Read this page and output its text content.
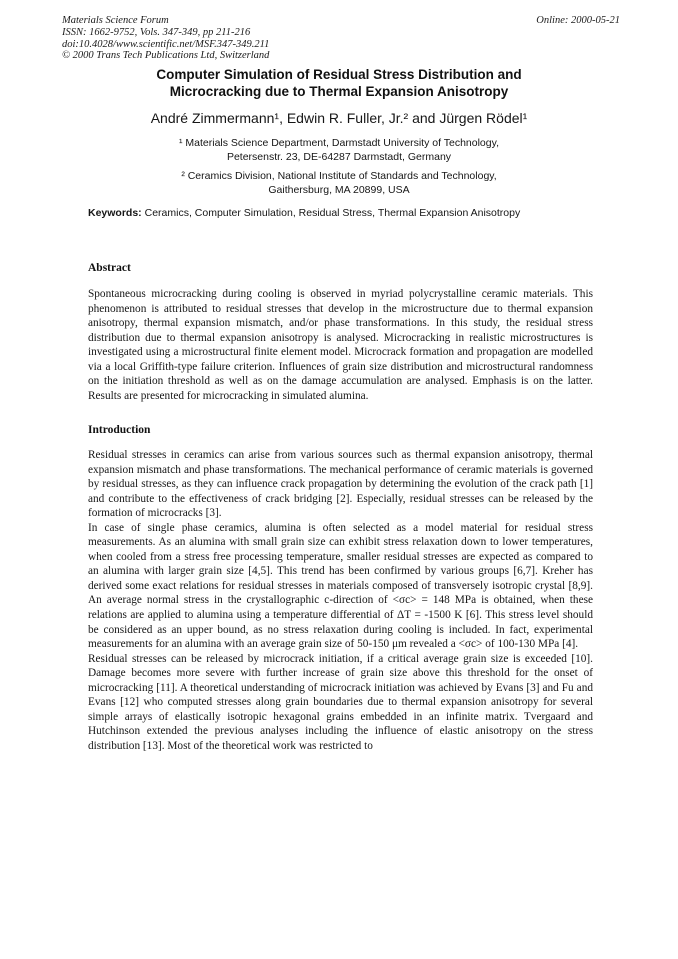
Materials Science Forum
ISSN: 1662-9752, Vols. 347-349, pp 211-216
doi:10.4028/www.scientific.net/MSF.347-349.211
© 2000 Trans Tech Publications Ltd, Switzerland
Online: 2000-05-21
Computer Simulation of Residual Stress Distribution and
Microcracking due to Thermal Expansion Anisotropy
André Zimmermann¹, Edwin R. Fuller, Jr.² and Jürgen Rödel¹
¹ Materials Science Department, Darmstadt University of Technology,
Petersenstr. 23, DE-64287 Darmstadt, Germany
² Ceramics Division, National Institute of Standards and Technology,
Gaithersburg, MA 20899, USA
Keywords: Ceramics, Computer Simulation, Residual Stress, Thermal Expansion Anisotropy
Abstract

Spontaneous microcracking during cooling is observed in myriad polycrystalline ceramic materials. This phenomenon is attributed to residual stresses that develop in the microstructure due to thermal expansion anisotropy, thermal expansion mismatch, and/or phase transformations. In this study, the residual stress distribution due to thermal expansion anisotropy is analysed. Microcracking in realistic microstructures is investigated using a microstructural finite element model. Microcrack formation and propagation are modelled via a local Griffith-type failure criterion. Influences of grain size distribution and microstructural randomness on the initiation threshold as well as on the damage accumulation are analysed. Emphasis is on the latter. Results are presented for microcracking in simulated alumina.

Introduction

Residual stresses in ceramics can arise from various sources such as thermal expansion anisotropy, thermal expansion mismatch and phase transformations. The mechanical performance of ceramic materials is governed by residual stresses, as they can influence crack propagation by determining the evolution of the crack path [1] and contribute to the effectiveness of crack bridging [2]. Especially, residual stresses can be released by the formation of microcracks [3].

In case of single phase ceramics, alumina is often selected as a model material for residual stress measurements. As an alumina with small grain size can exhibit stress relaxation down to lower temperatures, when cooled from a stress free processing temperature, smaller residual stresses are expected as compared to an alumina with larger grain size [4,5]. This trend has been confirmed by various groups [6,7]. Kreher has derived some exact relations for residual stresses in materials composed of transversely isotropic crystal [8,9]. An average normal stress in the crystallographic c-direction of <σc> = 148 MPa is obtained, when these relations are applied to alumina using a temperature differential of ΔT = -1500 K [6]. This stress level should be considered as an upper bound, as no stress relaxation during cooling is included. In fact, experimental measurements for an alumina with an average grain size of 50-150 μm revealed a <σc> of 100-130 MPa [4].

Residual stresses can be released by microcrack initiation, if a critical average grain size is exceeded [10]. Damage becomes more severe with further increase of grain size above this threshold for the onset of microcracking [11]. A theoretical understanding of microcrack initiation was achieved by Evans [3] and Fu and Evans [12] who computed stresses along grain boundaries due to thermal expansion anisotropy for several simple arrays of elastically isotropic hexagonal grains embedded in an infinite matrix. Tvergaard and Hutchinson extended the previous analyses including the influence of elastic anisotropy on the stress distribution [13]. Most of the theoretical work was restricted to
